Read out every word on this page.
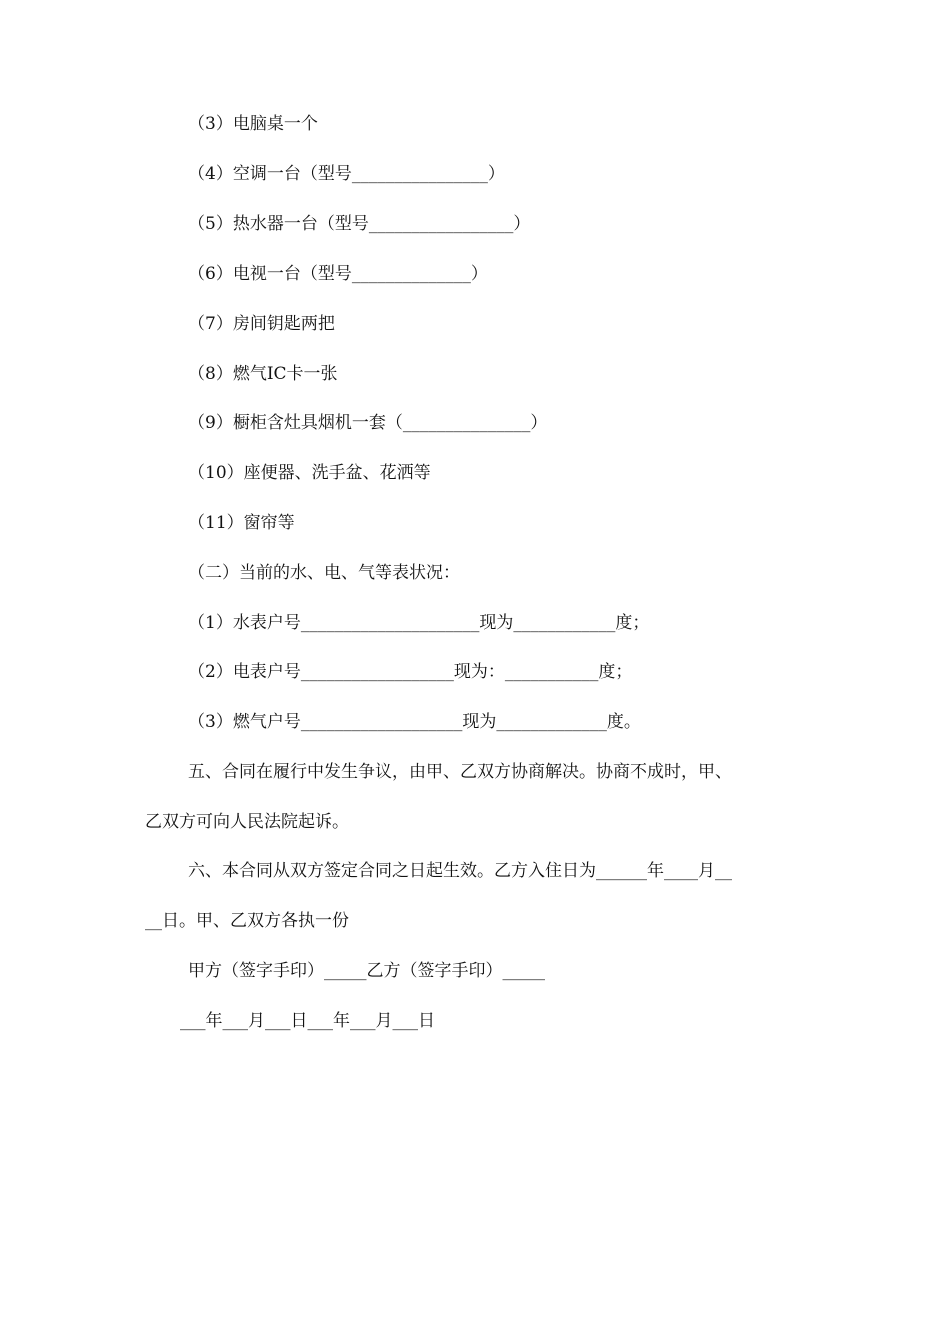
（3）电脑桌一个
（4）空调一台（型号________________）
（5）热水器一台（型号_________________）
（6）电视一台（型号______________）
（7）房间钥匙两把
（8）燃气IC卡一张
（9）橱柜含灶具烟机一套（_______________）
（10）座便器、洗手盆、花洒等
（11）窗帘等
（二）当前的水、电、气等表状况：
（1）水表户号_____________________现为____________度；
（2）电表户号__________________现为：___________度；
（3）燃气户号___________________现为_____________度。
五、合同在履行中发生争议，由甲、乙双方协商解决。协商不成时，甲、
乙双方可向人民法院起诉。
六、本合同从双方签定合同之日起生效。乙方入住日为______年____月__
__日。甲、乙双方各执一份
甲方（签字手印）_____乙方（签字手印）_____
___年___月___日___年___月___日
